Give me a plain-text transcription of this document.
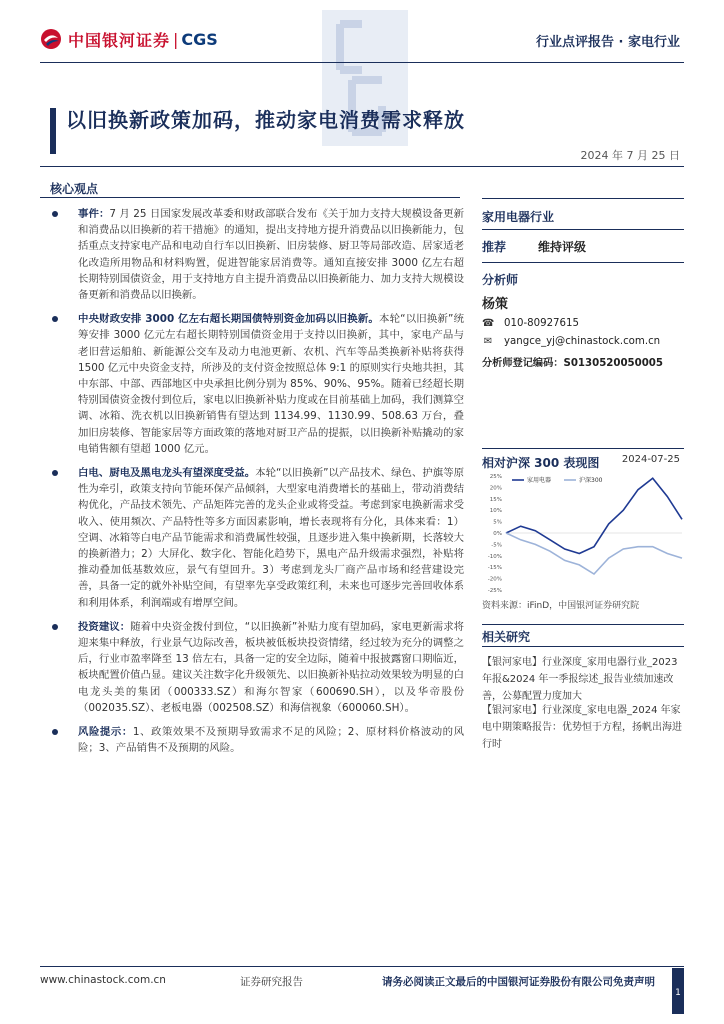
中国银河证券 | CGS	行业点评报告 · 家电行业
以旧换新政策加码，推动家电消费需求释放
2024 年 7 月 25 日
核心观点
事件：7 月 25 日国家发展改革委和财政部联合发布《关于加力支持大规模设备更新和消费品以旧换新的若干措施》的通知，提出支持地方提升消费品以旧换新能力，包括重点支持家电产品和电动自行车以旧换新、旧房装修、厨卫等局部改造、居家适老化改造所用物品和材料购置，促进智能家居消费等。通知直接安排 3000 亿左右超长期特别国债资金，用于支持地方自主提升消费品以旧换新能力、加力支持大规模设备更新和消费品以旧换新。
中央财政安排 3000 亿左右超长期国债特别资金加码以旧换新。本轮“以旧换新”统筹安排 3000 亿元左右超长期特别国债资金用于支持以旧换新，其中，家电产品与老旧营运船舶、新能源公交车及动力电池更新、农机、汽车等品类换新补贴将获得 1500 亿元中央资金支持，所涉及的支付资金按照总体 9:1 的原则实行央地共担，其中东部、中部、西部地区中央承担比例分别为 85%、90%、95%。随着已经超长期特别国债资金拨付到位后，家电以旧换新补贴力度或在目前基础上加码，我们测算空调、冰箱、洗衣机以旧换新销售有望达到 1134.99、1130.99、508.63 万台，叠加旧房装修、智能家居等方面政策的落地对厨卫产品的提振，以旧换新补贴撬动的家电销售额有望超 1000 亿元。
白电、厨电及黑电龙头有望深度受益。本轮“以旧换新”以产品技术、绿色、护旗等原性为牵引，政策支持向节能环保产品倾斜，大型家电消费增长的基础上，带动消费结构优化，产品技术领先、产品矩阵完善的龙头企业或将受益。考虑到家电换新需求受收入、使用频次、产品特性等多方面因素影响，增长表现将有分化，具体来看：1）空调、冰箱等白电产品节能需求和消费属性较强，且逐步进入集中换新期，长落较大的换新潜力；2）大屏化、数字化、智能化趋势下，黑电产品升级需求强烈，补贴将推动叠加低基数效应，景气有望回升。3）考虑到龙头厂商产品市场和经营建设完善，具备一定的就外补贴空间，有望率先享受政策红利，未来也可逐步完善回收体系和利用体系，利润端或有增厚空间。
投资建议：随着中央资金拨付到位，“以旧换新”补贴力度有望加码，家电更新需求将迎来集中释放，行业景气边际改善，板块被低板块投资情绪，经过较为充分的调整之后，行业市盈率降至 13 倍左右，具备一定的安全边际，随着中报披露窗口期临近，板块配置价值凸显。建议关注数字化升级领先、以旧换新补贴拉动效果较为明显的白电龙头美的集团（000333.SZ）和海尔智家（600690.SH），以及华帝股份（002035.SZ）、老板电器（002508.SZ）和海信视象（600060.SH）。
风险提示：1、政策效果不及预期导致需求不足的风险；2、原材料价格波动的风险；3、产品销售不及预期的风险。
家用电器行业
推荐	维持评级
分析师
杨策
☎ 010-80927615
✉ yangce_yj@chinastock.com.cn
分析师登记编码：S0130520050005
相对沪深 300 表现图	2024-07-25
25%
20%
15%
10%
5%
0%
-5%
-10%
-15%
-20%
-25%
家用电器	沪深300
资料来源：iFinD，中国银河证券研究院
相关研究
【银河家电】行业深度_家用电器行业_2023 年报&2024 年一季报综述_报告业绩加速改善，公募配置力度加大
【银河家电】行业深度_家电电器_2024 年家电中期策略报告：优势恒于方程，扬帆出海进行时
www.chinastock.com.cn	证券研究报告	请务必阅读正文最后的中国银河证券股份有限公司免责声明
1
